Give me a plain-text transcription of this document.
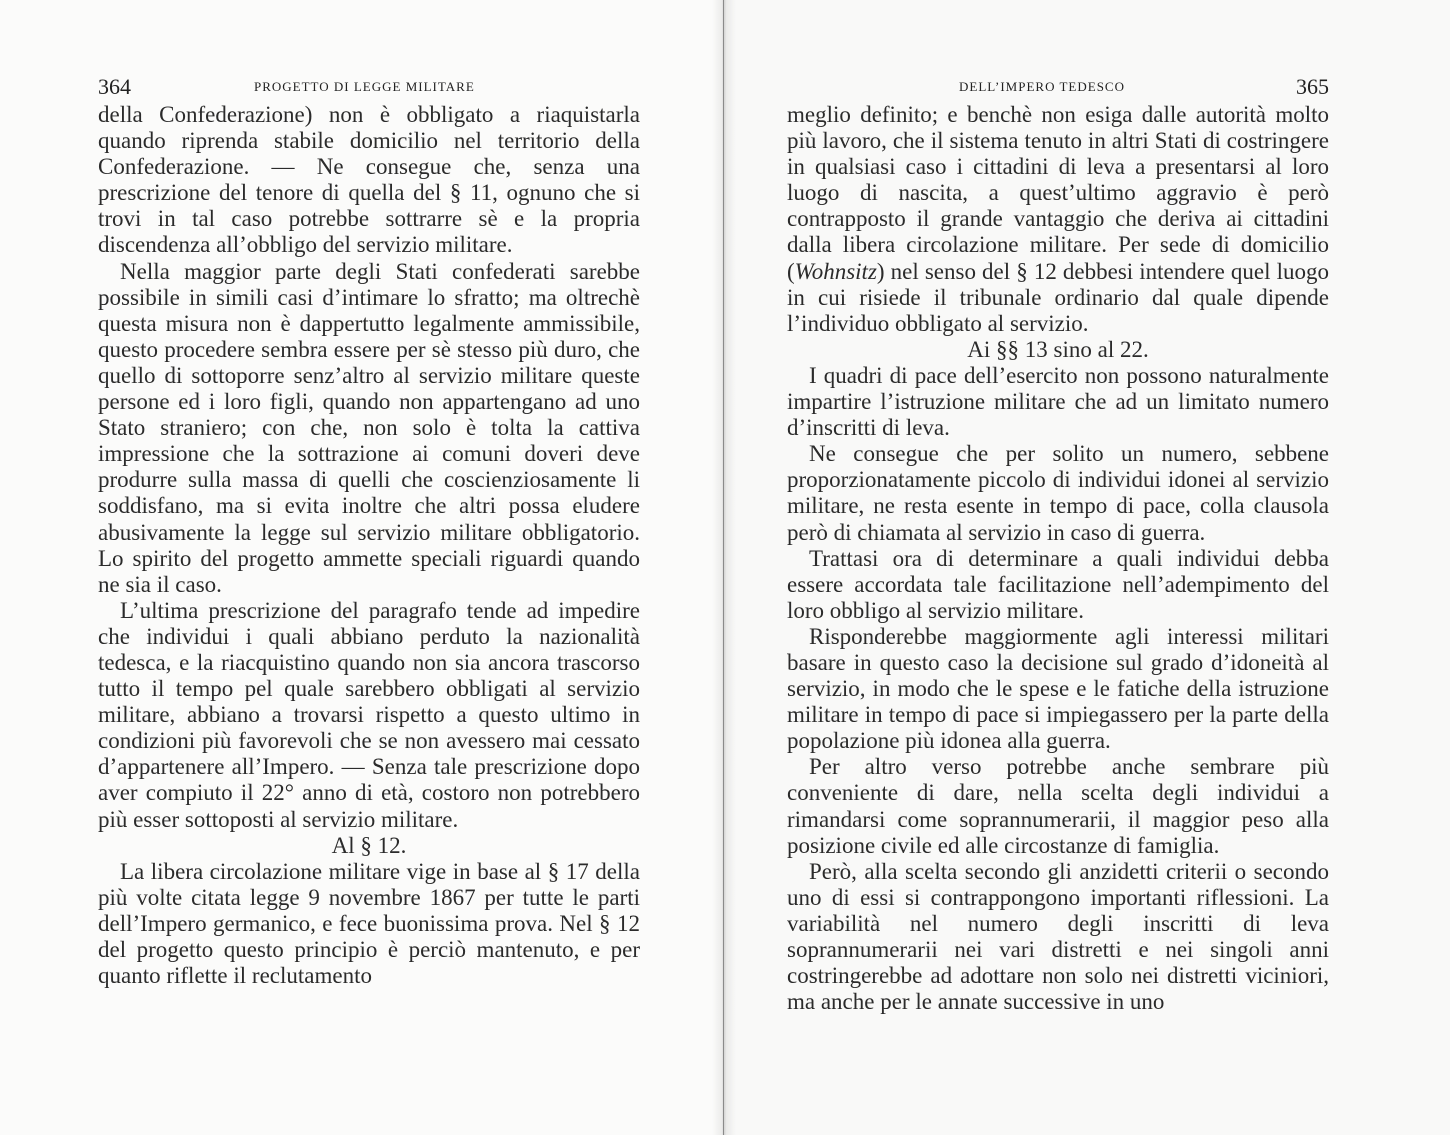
364	PROGETTO DI LEGGE MILITARE

della Confederazione) non è obbligato a riaquistarla quando riprenda stabile domicilio nel territorio della Confederazione. — Ne consegue che, senza una prescrizione del tenore di quella del § 11, ognuno che si trovi in tal caso potrebbe sottrarre sè e la propria discendenza all’obbligo del servizio militare.

Nella maggior parte degli Stati confederati sarebbe possibile in simili casi d’intimare lo sfratto; ma oltrechè questa misura non è dappertutto legalmente ammissibile, questo procedere sembra essere per sè stesso più duro, che quello di sottoporre senz’altro al servizio militare queste persone ed i loro figli, quando non appartengano ad uno Stato straniero; con che, non solo è tolta la cattiva impressione che la sottrazione ai comuni doveri deve produrre sulla massa di quelli che coscienziosamente li soddisfano, ma si evita inoltre che altri possa eludere abusivamente la legge sul servizio militare obbligatorio. Lo spirito del progetto ammette speciali riguardi quando ne sia il caso.

L’ultima prescrizione del paragrafo tende ad impedire che individui i quali abbiano perduto la nazionalità tedesca, e la riacquistino quando non sia ancora trascorso tutto il tempo pel quale sarebbero obbligati al servizio militare, abbiano a trovarsi rispetto a questo ultimo in condizioni più favorevoli che se non avessero mai cessato d’appartenere all’Impero. — Senza tale prescrizione dopo aver compiuto il 22° anno di età, costoro non potrebbero più esser sottoposti al servizio militare.

Al § 12.

La libera circolazione militare vige in base al § 17 della più volte citata legge 9 novembre 1867 per tutte le parti dell’Impero germanico, e fece buonissima prova. Nel § 12 del progetto questo principio è perciò mantenuto, e per quanto riflette il reclutamento

DELL’IMPERO TEDESCO	365

meglio definito; e benchè non esiga dalle autorità molto più lavoro, che il sistema tenuto in altri Stati di costringere in qualsiasi caso i cittadini di leva a presentarsi al loro luogo di nascita, a quest’ultimo aggravio è però contrapposto il grande vantaggio che deriva ai cittadini dalla libera circolazione militare. Per sede di domicilio (Wohnsitz) nel senso del § 12 debbesi intendere quel luogo in cui risiede il tribunale ordinario dal quale dipende l’individuo obbligato al servizio.

Ai §§ 13 sino al 22.

I quadri di pace dell’esercito non possono naturalmente impartire l’istruzione militare che ad un limitato numero d’inscritti di leva.

Ne consegue che per solito un numero, sebbene proporzionatamente piccolo di individui idonei al servizio militare, ne resta esente in tempo di pace, colla clausola però di chiamata al servizio in caso di guerra.

Trattasi ora di determinare a quali individui debba essere accordata tale facilitazione nell’adempimento del loro obbligo al servizio militare.

Risponderebbe maggiormente agli interessi militari basare in questo caso la decisione sul grado d’idoneità al servizio, in modo che le spese e le fatiche della istruzione militare in tempo di pace si impiegassero per la parte della popolazione più idonea alla guerra.

Per altro verso potrebbe anche sembrare più conveniente di dare, nella scelta degli individui a rimandarsi come soprannumerarii, il maggior peso alla posizione civile ed alle circostanze di famiglia.

Però, alla scelta secondo gli anzidetti criterii o secondo uno di essi si contrappongono importanti riflessioni. La variabilità nel numero degli inscritti di leva soprannumerarii nei vari distretti e nei singoli anni costringerebbe ad adottare non solo nei distretti viciniori, ma anche per le annate successive in uno
